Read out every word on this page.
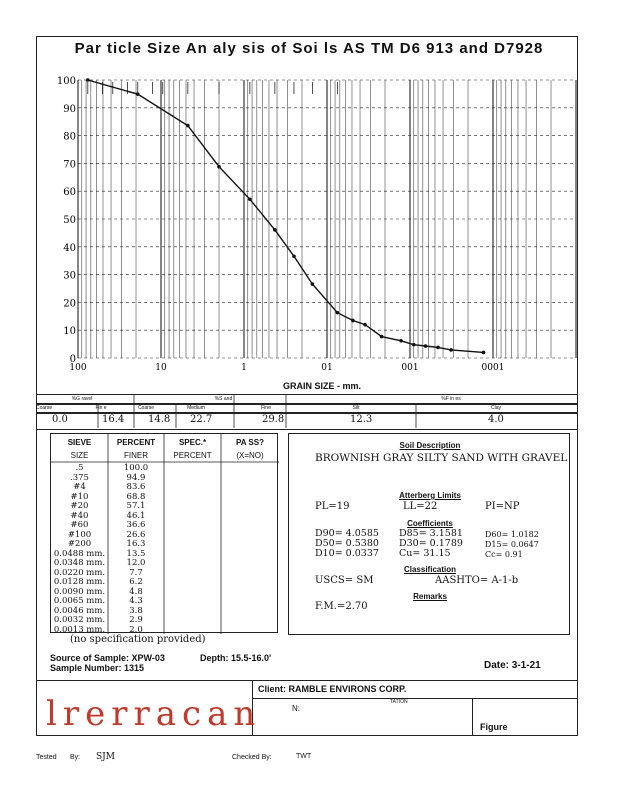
Par ticle Size An aly sis of Soi ls AS TM D6 913 and D7928
100
90
80
70
60
50
40
30
20
10
0
100	10	1	01	001	0001
GRAIN SIZE - mm.
%G ravel	%S and	%F in es
Coarse	Fin e	Coarse	Medium	Fine	Silt	Clay
0.0	16.4 14.8 22.7	29.8	12.3	4.0
SIEVE	PERCENT	SPEC.*	PA SS?
SIZE	FINER	PERCENT	(X=NO)
.5	100.0
.375	94.9
#4	83.6
#10	68.8
#20	57.1
#40	46.1
#60	36.6
#100	26.6
#200	16.3
0.0488 mm.	13.5
0.0348 mm.	12.0
0.0220 mm.	7.7
0.0128 mm.	6.2
0.0090 mm.	4.8
0.0065 mm.	4.3
0.0046 mm.	3.8
0.0032 mm.	2.9
0.0013 mm.	2.0
(no specification provided)
Soil Description
BROWNISH GRAY SILTY SAND WITH GRAVEL
Atterberg Limits
PL=19	LL=22	PI=NP
Coefficients
D90= 4.0585 D85= 3.1581	D60= 1.0182
D50= 0.5380 D30= 0.1789	D15= 0.0647
D10= 0.0337 Cu= 31.15	Cc= 0.91
Classification
USCS= SM	AASHTO= A-1-b
Remarks
F.M.=2.70
Source of Sample: XPW-03	Depth: 15.5-16.0'
Sample Number: 1315	Date: 3-1-21
lrerracan
Client: RAMBLE ENVIRONS CORP.
N:
TATION
Figure
Tested By: SJM	Checked By:	TWT
